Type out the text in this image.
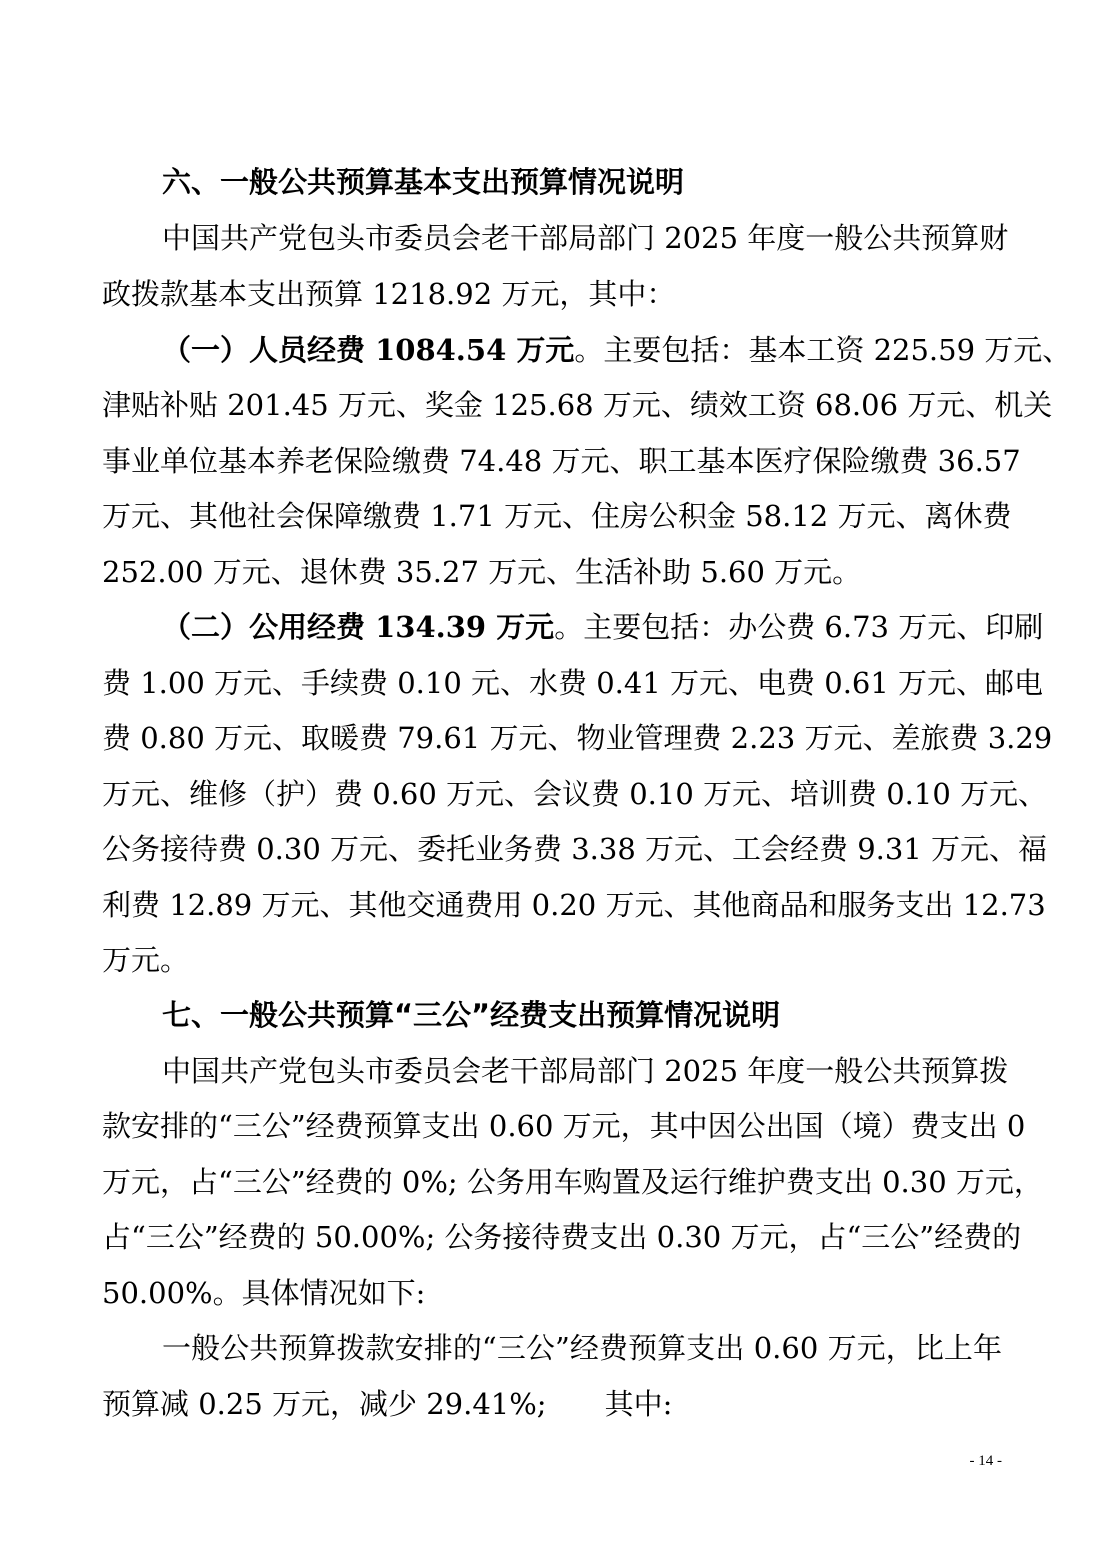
六、一般公共预算基本支出预算情况说明
中国共产党包头市委员会老干部局部门 2025 年度一般公共预算财
政拨款基本支出预算 1218.92 万元，其中：
（一）人员经费 1084.54 万元。主要包括：基本工资 225.59 万元、
津贴补贴 201.45 万元、奖金 125.68 万元、绩效工资 68.06 万元、机关
事业单位基本养老保险缴费 74.48 万元、职工基本医疗保险缴费 36.57
万元、其他社会保障缴费 1.71 万元、住房公积金 58.12 万元、离休费
252.00 万元、退休费 35.27 万元、生活补助 5.60 万元。
（二）公用经费 134.39 万元。主要包括：办公费 6.73 万元、印刷
费 1.00 万元、手续费 0.10 元、水费 0.41 万元、电费 0.61 万元、邮电
费 0.80 万元、取暖费 79.61 万元、物业管理费 2.23 万元、差旅费 3.29
万元、维修（护）费 0.60 万元、会议费 0.10 万元、培训费 0.10 万元、
公务接待费 0.30 万元、委托业务费 3.38 万元、工会经费 9.31 万元、福
利费 12.89 万元、其他交通费用 0.20 万元、其他商品和服务支出 12.73
万元。
七、一般公共预算“三公”经费支出预算情况说明
中国共产党包头市委员会老干部局部门 2025 年度一般公共预算拨
款安排的“三公”经费预算支出 0.60 万元，其中因公出国（境）费支出 0
万元，占“三公”经费的 0%; 公务用车购置及运行维护费支出 0.30 万元，
占“三公”经费的 50.00%; 公务接待费支出 0.30 万元，占“三公”经费的
50.00%。具体情况如下:
一般公共预算拨款安排的“三公”经费预算支出 0.60 万元，比上年
预算减 0.25 万元，减少 29.41%;　　其中:
- 14 -
